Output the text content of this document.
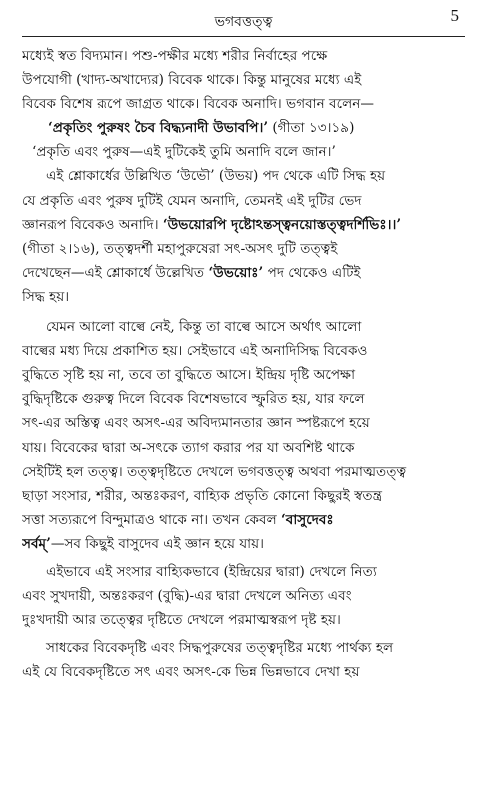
ভগবত্তত্ত্ব	5

মধ্যেই স্বত বিদ্যমান। পশু-পক্ষীর মধ্যে শরীর নির্বাহের পক্ষে
উপযোগী (খাদ্য-অখাদ্যের) বিবেক থাকে। কিন্তু মানুষের মধ্যে এই
বিবেক বিশেষ রূপে জাগ্রত থাকে। বিবেক অনাদি। ভগবান বলেন—

‘প্রকৃতিং পুরুষং চৈব বিদ্ধ্যনাদী উভাবপি।’ (গীতা ১৩।১৯)

‘প্রকৃতি এবং পুরুষ—এই দুটিকেই তুমি অনাদি বলে জান।’

এই শ্লোকার্ধের উল্লিখিত ‘উভৌ’ (উভয়) পদ থেকে এটি সিদ্ধ হয়
যে প্রকৃতি এবং পুরুষ দুটিই যেমন অনাদি, তেমনই এই দুটির ভেদ
জ্ঞানরূপ বিবেকও অনাদি। ‘উভয়োরপি দৃষ্টোঽন্তস্ত্বনয়োস্তত্ত্বদর্শিভিঃ।।’
(গীতা ২।১৬), তত্ত্বদর্শী মহাপুরুষেরা সৎ-অসৎ দুটি তত্ত্বই
দেখেছেন—এই শ্লোকার্ধে উল্লেখিত ‘উভয়োঃ’ পদ থেকেও এটিই
সিদ্ধ হয়।

যেমন আলো বাল্বে নেই, কিন্তু তা বাল্বে আসে অর্থাৎ আলো
বাল্বের মধ্য দিয়ে প্রকাশিত হয়। সেইভাবে এই অনাদিসিদ্ধ বিবেকও
বুদ্ধিতে সৃষ্টি হয় না, তবে তা বুদ্ধিতে আসে। ইন্দ্রিয় দৃষ্টি অপেক্ষা
বুদ্ধিদৃষ্টিকে গুরুত্ব দিলে বিবেক বিশেষভাবে স্ফুরিত হয়, যার ফলে
সৎ-এর অস্তিত্ব এবং অসৎ-এর অবিদ্যমানতার জ্ঞান স্পষ্টরূপে হয়ে
যায়। বিবেকের দ্বারা অ-সৎকে ত্যাগ করার পর যা অবশিষ্ট থাকে
সেইটিই হল তত্ত্ব। তত্ত্বদৃষ্টিতে দেখলে ভগবত্তত্ত্ব অথবা পরমাত্মতত্ত্ব
ছাড়া সংসার, শরীর, অন্তঃকরণ, বাহ্যিক প্রভৃতি কোনো কিছুরই স্বতন্ত্র
সত্তা সত্যরূপে বিন্দুমাত্রও থাকে না। তখন কেবল ‘বাসুদেবঃ
সর্বম্’—সব কিছুই বাসুদেব এই জ্ঞান হয়ে যায়।

এইভাবে এই সংসার বাহ্যিকভাবে (ইন্দ্রিয়ের দ্বারা) দেখলে নিত্য
এবং সুখদায়ী, অন্তঃকরণ (বুদ্ধি)-এর দ্বারা দেখলে অনিত্য এবং
দুঃখদায়ী আর তত্ত্বের দৃষ্টিতে দেখলে পরমাত্মস্বরূপ দৃষ্ট হয়।

সাধকের বিবেকদৃষ্টি এবং সিদ্ধপুরুষের তত্ত্বদৃষ্টির মধ্যে পার্থক্য হল
এই যে বিবেকদৃষ্টিতে সৎ এবং অসৎ-কে ভিন্ন ভিন্নভাবে দেখা হয়
